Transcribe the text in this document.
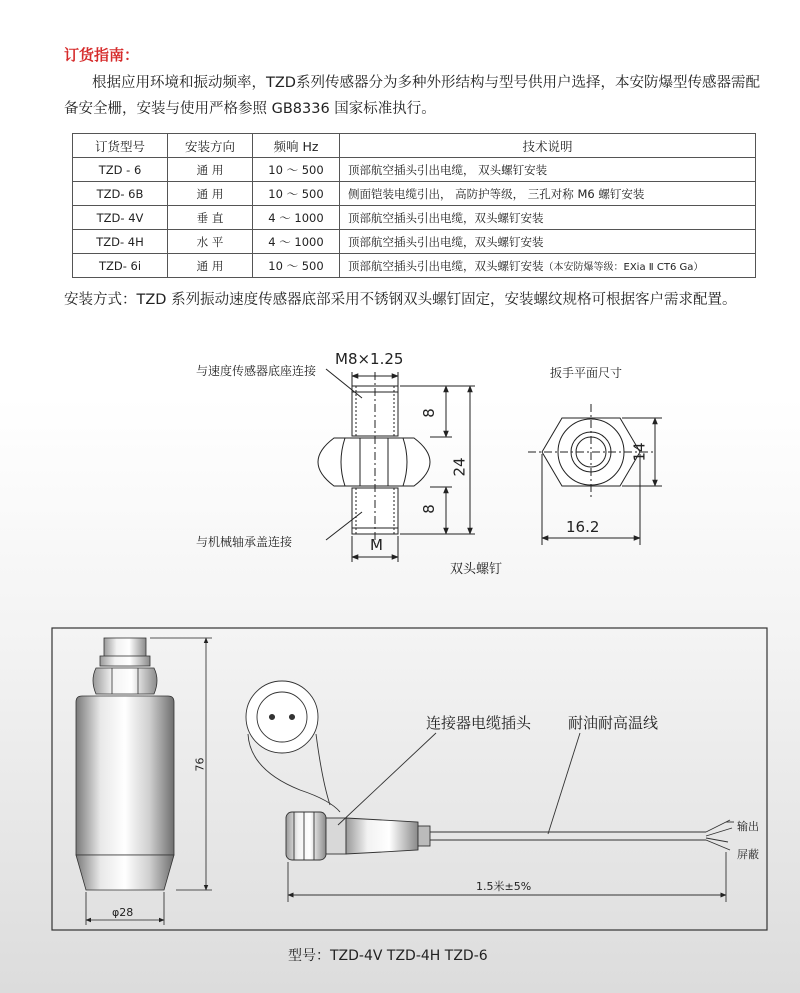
订货指南：
根据应用环境和振动频率，TZD系列传感器分为多种外形结构与型号供用户选择，本安防爆型传感器需配备安全栅，安装与使用严格参照 GB8336 国家标准执行。
订货型号	安装方向	频响 Hz	技术说明
TZD - 6	通 用	10 ～ 500	顶部航空插头引出电缆， 双头螺钉安装
TZD- 6B	通 用	10 ～ 500	侧面铠装电缆引出， 高防护等级， 三孔对称 M6 螺钉安装
TZD- 4V	垂 直	4 ～ 1000	顶部航空插头引出电缆，双头螺钉安装
TZD- 4H	水 平	4 ～ 1000	顶部航空插头引出电缆，双头螺钉安装
TZD- 6i	通 用	10 ～ 500	顶部航空插头引出电缆，双头螺钉安装（本安防爆等级：EXia Ⅱ CT6 Ga）
安装方式：TZD 系列振动速度传感器底部采用不锈钢双头螺钉固定，安装螺纹规格可根据客户需求配置。
与速度传感器底座连接
与机械轴承盖连接
M8×1.25
8
8
24
M
双头螺钉
扳手平面尺寸
14
16.2
76
φ28
连接器电缆插头 耐油耐高温线
输出
屏蔽
1.5米±5%
型号：TZD-4V TZD-4H TZD-6
